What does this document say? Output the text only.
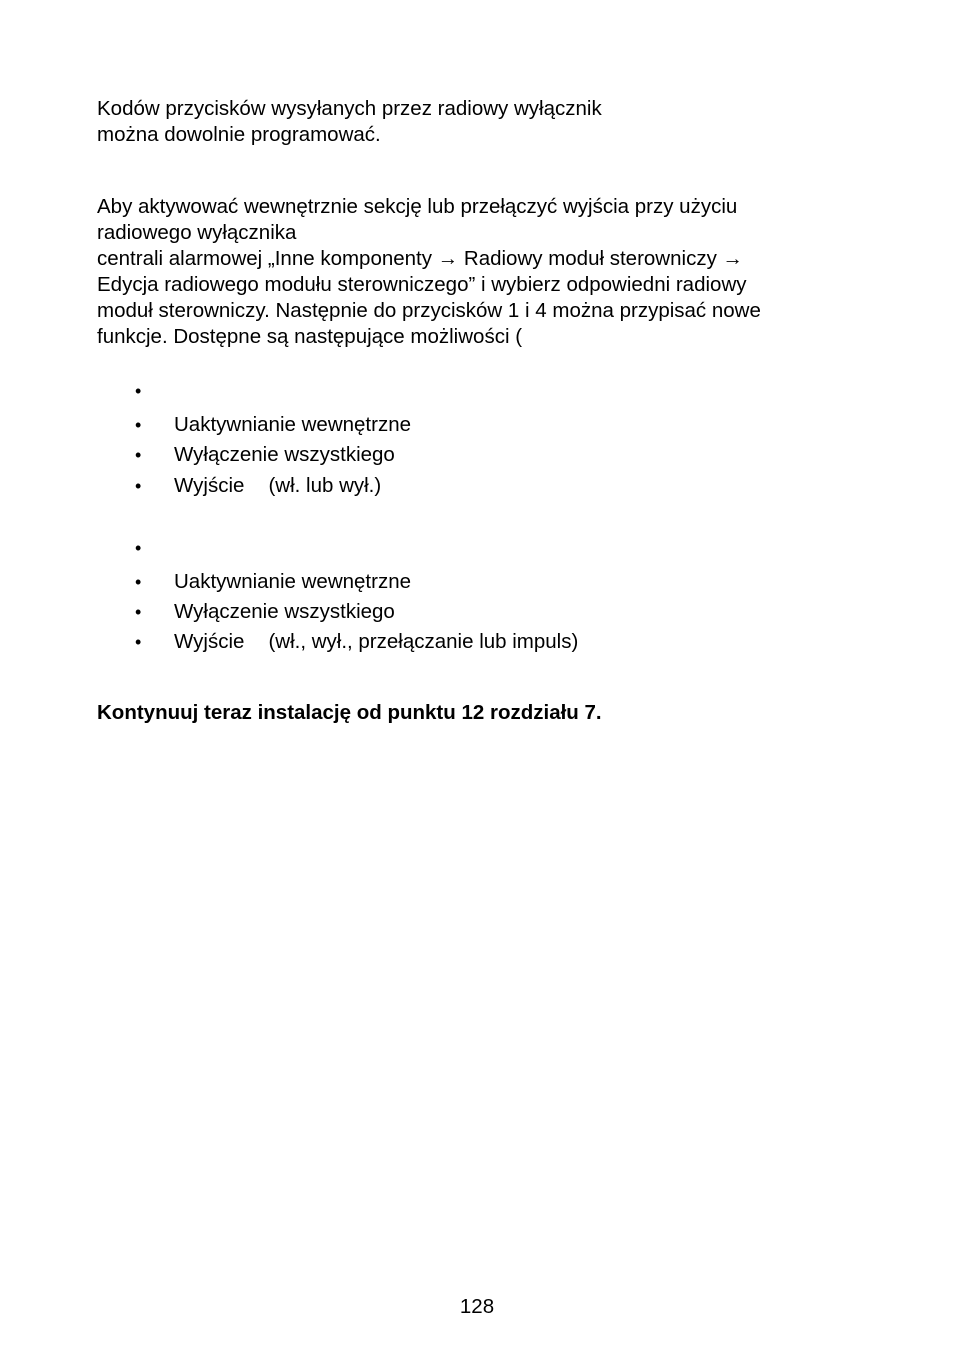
Kodów przycisków wysyłanych przez radiowy wyłącznik
można dowolnie programować.

Aby aktywować wewnętrznie sekcję lub przełączyć wyjścia przy użyciu
radiowego wyłącznika
centrali alarmowej „Inne komponenty → Radiowy moduł sterowniczy →
Edycja radiowego modułu sterowniczego” i wybierz odpowiedni radiowy
moduł sterowniczy. Następnie do przycisków 1 i 4 można przypisać nowe
funkcje. Dostępne są następujące możliwości (

•
• Uaktywnianie wewnętrzne
• Wyłączenie wszystkiego
• Wyjście (wł. lub wył.)
•
• Uaktywnianie wewnętrzne
• Wyłączenie wszystkiego
• Wyjście (wł., wył., przełączanie lub impuls)

Kontynuuj teraz instalację od punktu 12 rozdziału 7.

128
